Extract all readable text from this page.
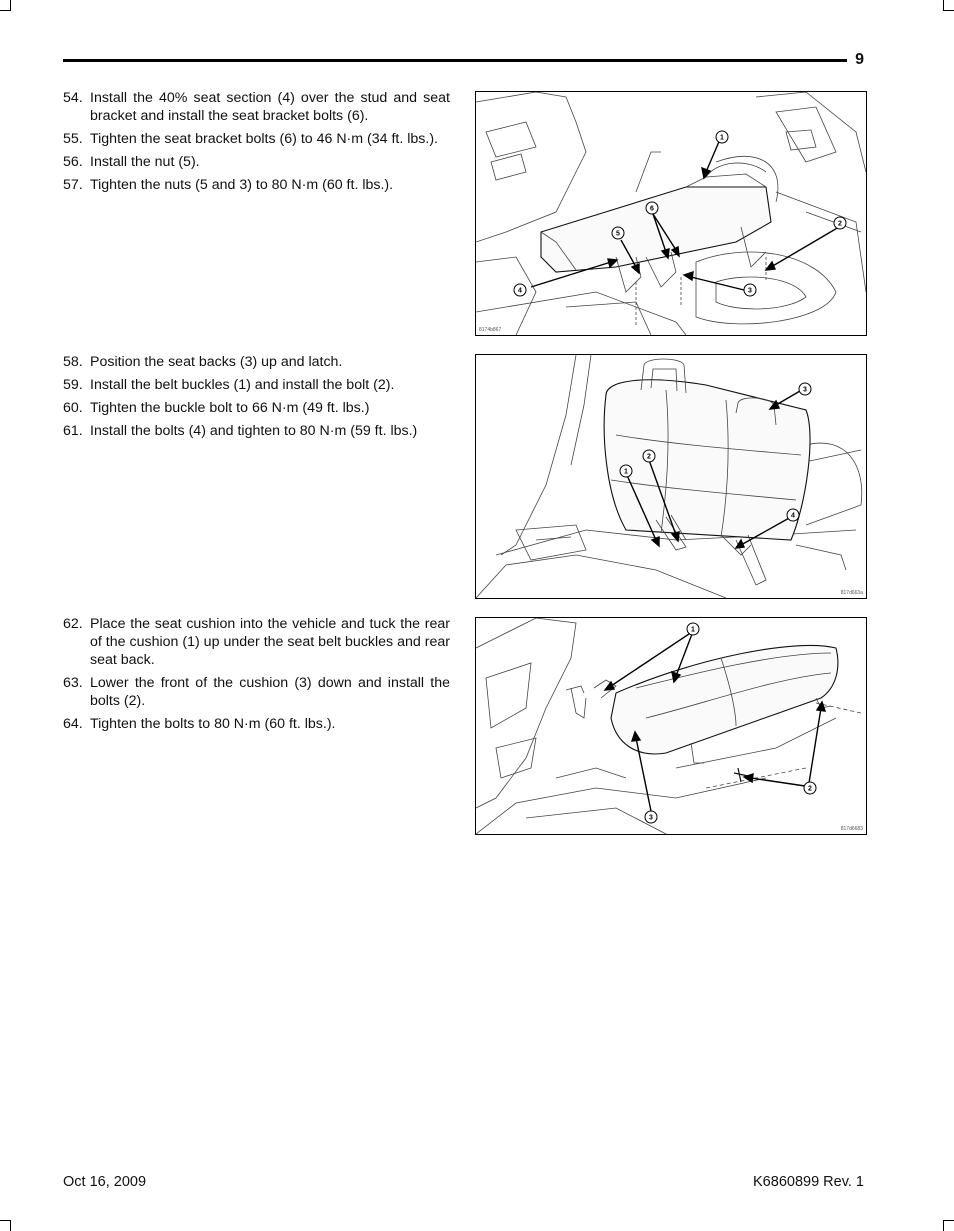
9
54. Install the 40% seat section (4) over the stud and seat bracket and install the seat bracket bolts (6).
55. Tighten the seat bracket bolts (6) to 46 N·m (34 ft. lbs.).
56. Install the nut (5).
57. Tighten the nuts (5 and 3) to 80 N·m (60 ft. lbs.).
1
2
3
4
5
6
8174b867
58. Position the seat backs (3) up and latch.
59. Install the belt buckles (1) and install the bolt (2).
60. Tighten the buckle bolt to 66 N·m (49 ft. lbs.)
61. Install the bolts (4) and tighten to 80 N·m (59 ft. lbs.)
3
1
2
4
817d663a
62. Place the seat cushion into the vehicle and tuck the rear of the cushion (1) up under the seat belt buckles and rear seat back.
63. Lower the front of the cushion (3) down and install the bolts (2).
64. Tighten the bolts to 80 N·m (60 ft. lbs.).
1
2
3
817d6683
Oct 16, 2009	K6860899 Rev. 1
